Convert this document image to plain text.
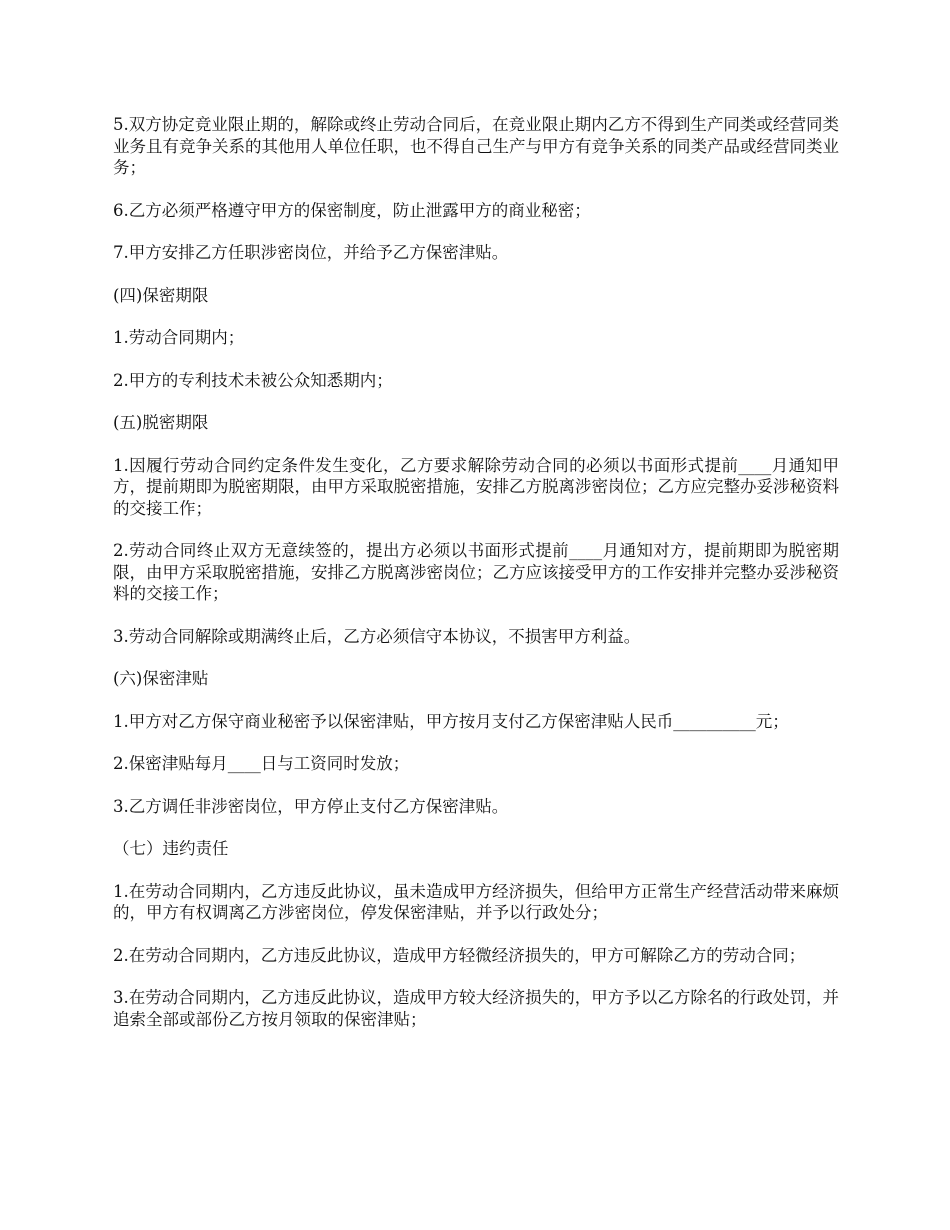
5.双方协定竞业限止期的，解除或终止劳动合同后，在竞业限止期内乙方不得到生产同类或经营同类业务且有竞争关系的其他用人单位任职，也不得自己生产与甲方有竞争关系的同类产品或经营同类业务；

6.乙方必须严格遵守甲方的保密制度，防止泄露甲方的商业秘密；

7.甲方安排乙方任职涉密岗位，并给予乙方保密津贴。

(四)保密期限

1.劳动合同期内；

2.甲方的专利技术未被公众知悉期内；

(五)脱密期限

1.因履行劳动合同约定条件发生变化，乙方要求解除劳动合同的必须以书面形式提前____月通知甲方，提前期即为脱密期限，由甲方采取脱密措施，安排乙方脱离涉密岗位；乙方应完整办妥涉秘资料的交接工作；

2.劳动合同终止双方无意续签的，提出方必须以书面形式提前____月通知对方，提前期即为脱密期限，由甲方采取脱密措施，安排乙方脱离涉密岗位；乙方应该接受甲方的工作安排并完整办妥涉秘资料的交接工作；

3.劳动合同解除或期满终止后，乙方必须信守本协议，不损害甲方利益。

(六)保密津贴

1.甲方对乙方保守商业秘密予以保密津贴，甲方按月支付乙方保密津贴人民币__________元；

2.保密津贴每月____日与工资同时发放；

3.乙方调任非涉密岗位，甲方停止支付乙方保密津贴。

（七）违约责任

1.在劳动合同期内，乙方违反此协议，虽未造成甲方经济损失，但给甲方正常生产经营活动带来麻烦的，甲方有权调离乙方涉密岗位，停发保密津贴，并予以行政处分；

2.在劳动合同期内，乙方违反此协议，造成甲方轻微经济损失的，甲方可解除乙方的劳动合同；

3.在劳动合同期内，乙方违反此协议，造成甲方较大经济损失的，甲方予以乙方除名的行政处罚，并追索全部或部份乙方按月领取的保密津贴；
